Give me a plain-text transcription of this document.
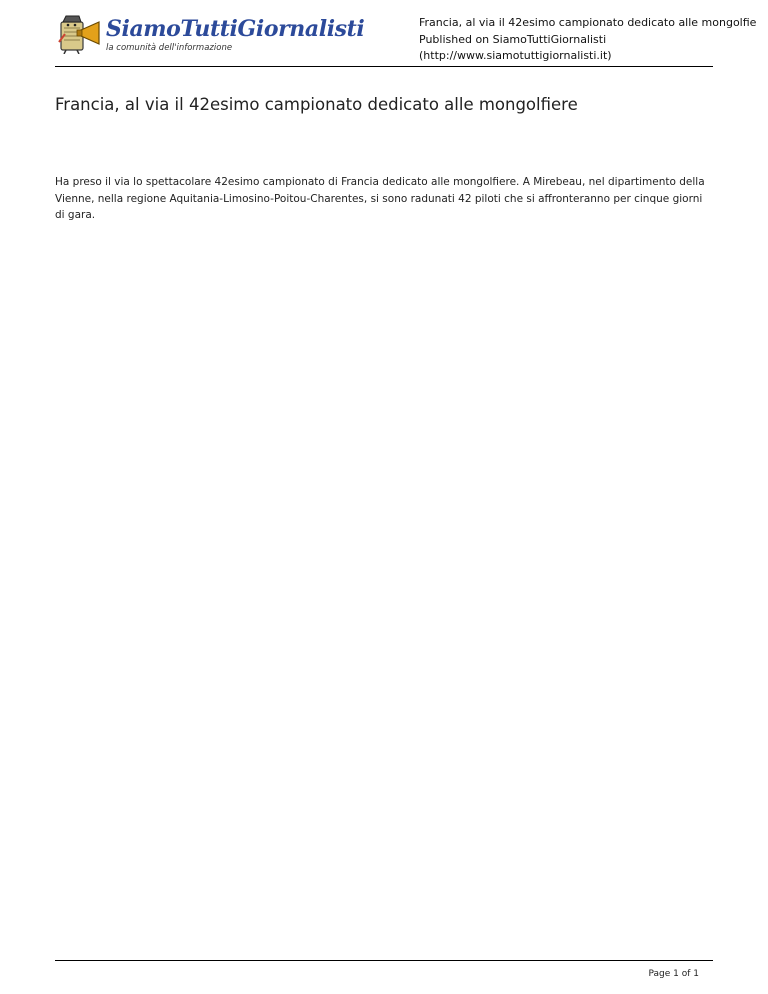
SiamoTuttiGiornalisti
la comunità dell'informazione
Francia, al via il 42esimo campionato dedicato alle mongolfie
Published on SiamoTuttiGiornalisti
(http://www.siamotuttigiornalisti.it)
Francia, al via il 42esimo campionato dedicato alle mongolfiere

Ha preso il via lo spettacolare 42esimo campionato di Francia dedicato alle mongolfiere. A Mirebeau, nel dipartimento della Vienne, nella regione Aquitania-Limosino-Poitou-Charentes, si sono radunati 42 piloti che si affronteranno per cinque giorni di gara.

Page 1 of 1
